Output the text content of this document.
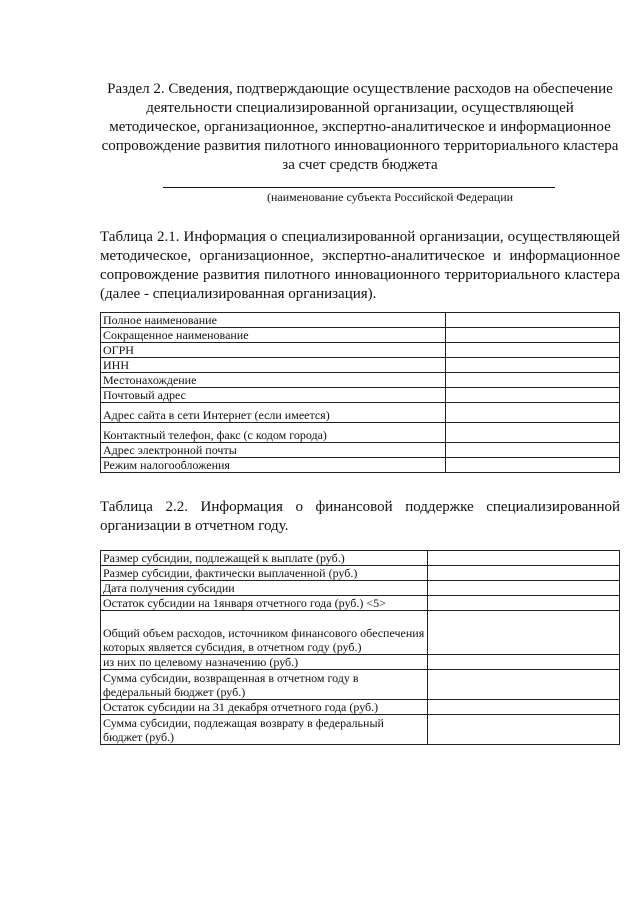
Раздел 2. Сведения, подтверждающие осуществление расходов на обеспечение деятельности специализированной организации, осуществляющей методическое, организационное, экспертно-аналитическое и информационное сопровождение развития пилотного инновационного территориального кластера за счет средств бюджета
(наименование субъекта Российской Федерации
Таблица 2.1. Информация о специализированной организации, осуществляющей методическое, организационное, экспертно-аналитическое и информационное сопровождение развития пилотного инновационного территориального кластера (далее - специализированная организация).
Полное наименование	
Сокращенное наименование	
ОГРН	
ИНН	
Местонахождение	
Почтовый адрес	
Адрес сайта в сети Интернет (если имеется)	
Контактный телефон, факс (с кодом города)	
Адрес электронной почты	
Режим налогообложения	
Таблица 2.2. Информация о финансовой поддержке специализированной организации в отчетном году.
Размер субсидии, подлежащей к выплате (руб.)	
Размер субсидии, фактически выплаченной (руб.)	
Дата получения субсидии	
Остаток субсидии на 1января отчетного года (руб.) <5>	
Общий объем расходов, источником финансового обеспечения которых является субсидия, в отчетном году (руб.)	
из них по целевому назначению (руб.)	
Сумма субсидии, возвращенная в отчетном году в федеральный бюджет (руб.)	
Остаток субсидии на 31 декабря отчетного года (руб.)	
Сумма субсидии, подлежащая возврату в федеральный бюджет (руб.)	
